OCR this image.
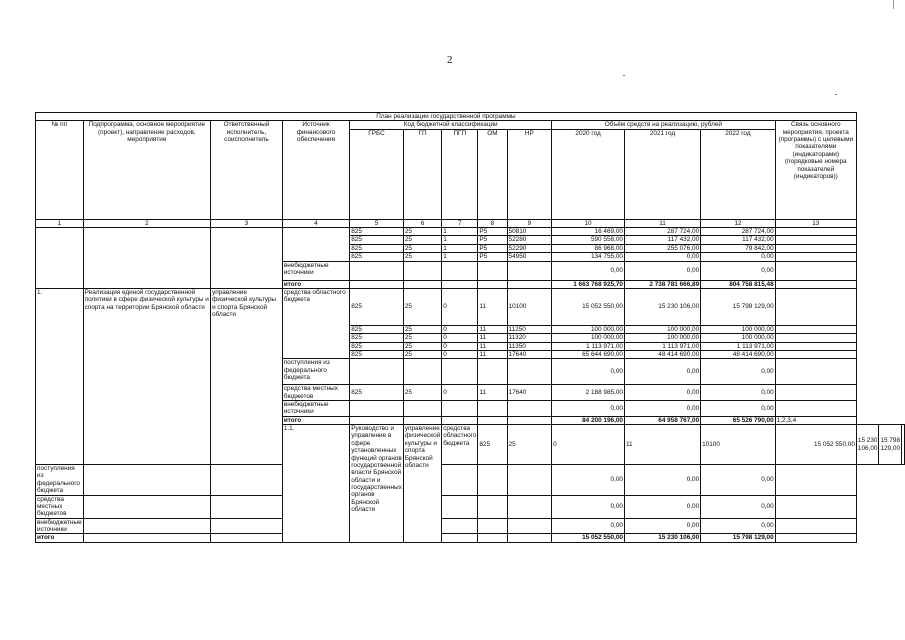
2
План реализации государственной программы															
№ пп	Подпрограмма, основное мероприятие (проект), направление расходов, мероприятие	Ответственный исполнитель, соисполнитель	Источник финансового обеспечения	Код бюджетной классификации					Объём средств на реализацию, рублей			Связь основного мероприятия, проекта (программы) с целевыми показателями (индикаторами) (порядковые номера показателей (индикаторов))			
				ГРБС	ГП	ПГП	ОМ	НР	2020 год	2021 год	2022 год				
1	2	3	4	5	6	7	8	9	10	11	12	13			
				825	25	1	P5	50810	16 469,00	287 724,00	287 724,00				
				825	25	1	P5	52280	590 558,00	117 432,00	117 432,00				
				825	25	1	P5	52290	86 968,00	255 076,00	79 842,00				
				825	25	1	P5	54950	134 755,00	0,00	0,00				
			внебюджетные источники						0,00	0,00	0,00				
			итого						1 663 768 925,70	2 738 781 666,89	804 758 815,48				
1.	Реализация единой государственной политики в сфере физической культуры и спорта на территории Брянской области	управление физической культуры и спорта Брянской области	средства областного бюджета	825	25	0	11	10100	15 052 550,00	15 230 106,00	15 798 129,00				
				825	25	0	11	11250	100 000,00	100 000,00	100 000,00				
				825	25	0	11	11320	100 000,00	100 000,00	100 000,00				
				825	25	0	11	11350	1 113 971,00	1 113 971,00	1 113 971,00				
				825	25	0	11	17640	65 644 690,00	48 414 690,00	48 414 690,00				
			поступления из федерального бюджета						0,00	0,00	0,00				
			средства местных бюджетов	825	25	0	11	17640	2 188 985,00	0,00	0,00				
			внебюджетные источники						0,00	0,00	0,00				
			итого						84 200 196,00	64 958 767,00	65 526 790,00	1,2,3,4			
			1.1.	Руководство и управление в сфере установленных функций органов государственной власти Брянской области и государственных органов Брянской области	управление физической культуры и спорта Брянской области	средства областного бюджета	825	25	0	11	10100	15 052 550,00	15 230 106,00	15 798 129,00	
поступления из федерального бюджета									0,00	0,00	0,00				
средства местных бюджетов									0,00	0,00	0,00				
внебюджетные источники									0,00	0,00	0,00				
итого									15 052 550,00	15 230 106,00	15 798 129,00				
